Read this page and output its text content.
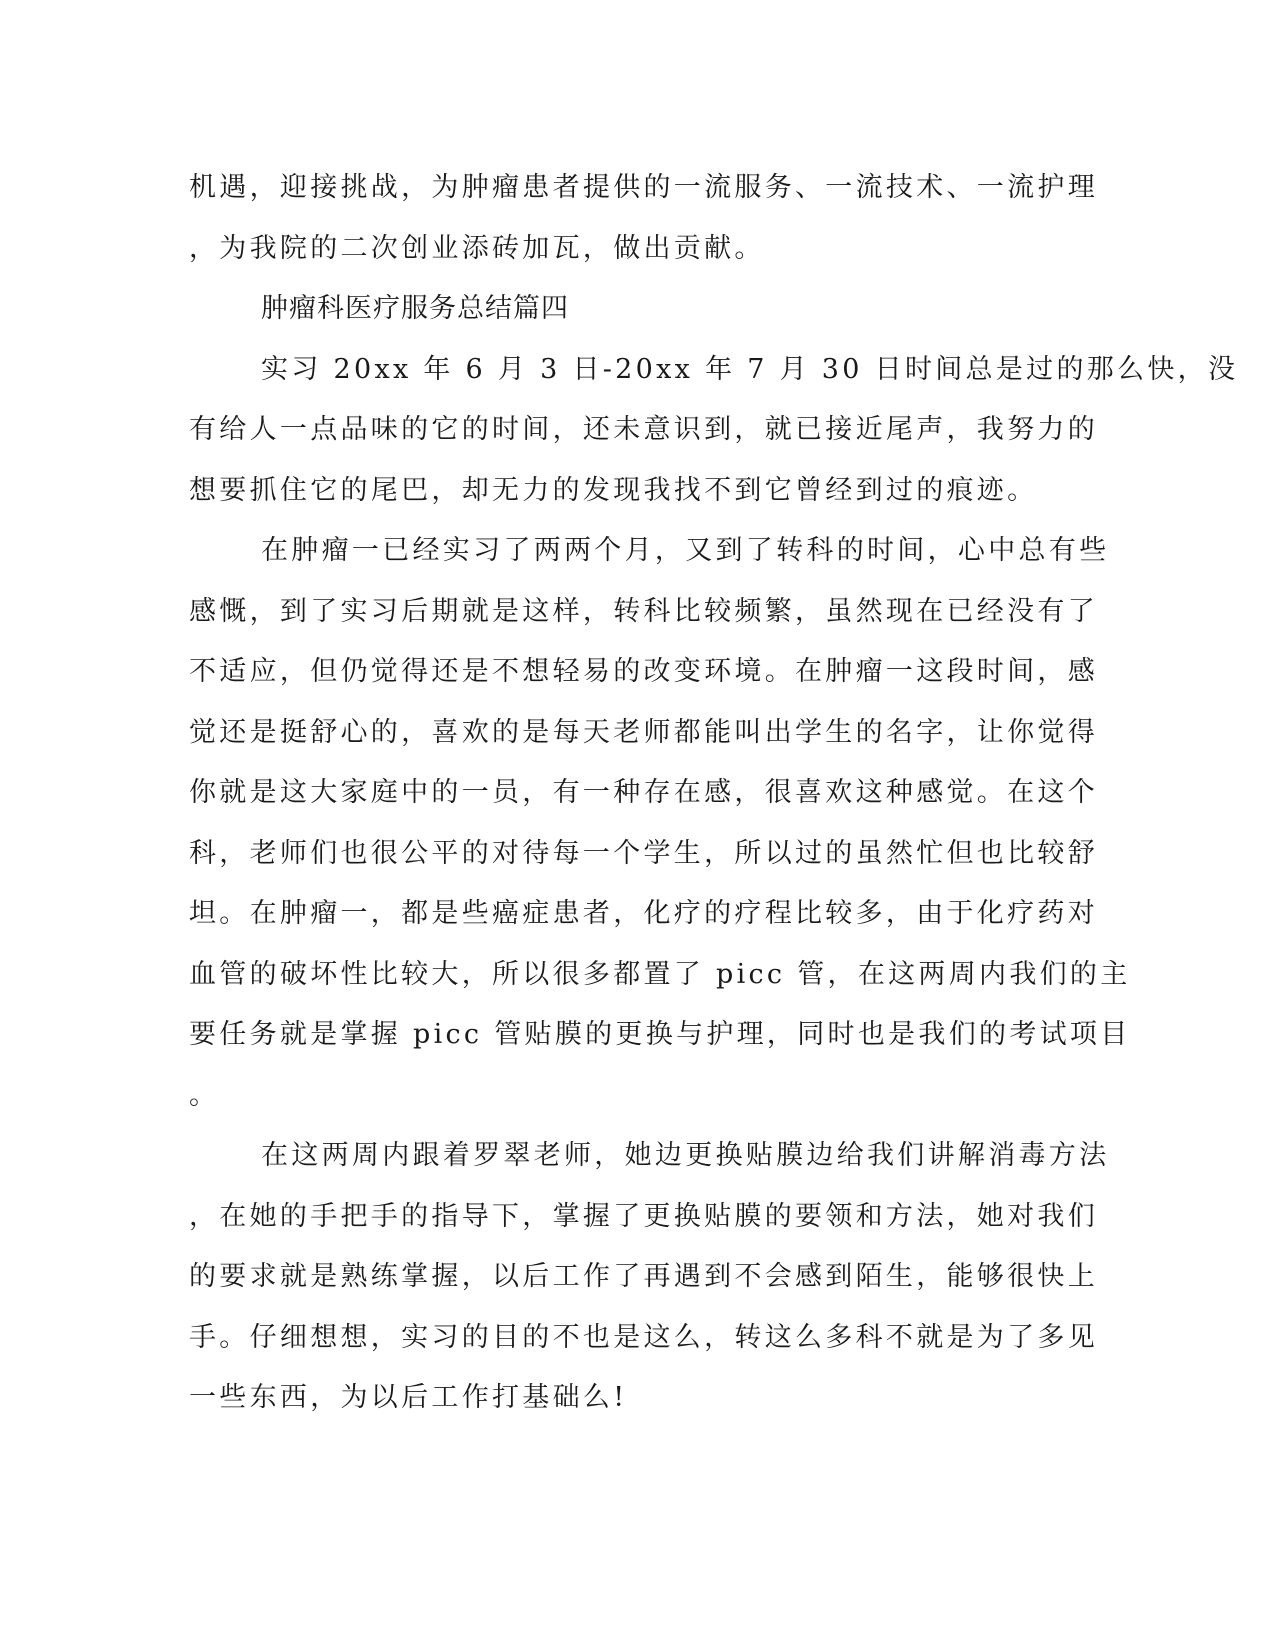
机遇，迎接挑战，为肿瘤患者提供的一流服务、一流技术、一流护理
，为我院的二次创业添砖加瓦，做出贡献。
肿瘤科医疗服务总结篇四
实习 20xx 年 6 月 3 日-20xx 年 7 月 30 日时间总是过的那么快，没
有给人一点品味的它的时间，还未意识到，就已接近尾声，我努力的
想要抓住它的尾巴，却无力的发现我找不到它曾经到过的痕迹。
在肿瘤一已经实习了两两个月，又到了转科的时间，心中总有些
感慨，到了实习后期就是这样，转科比较频繁，虽然现在已经没有了
不适应，但仍觉得还是不想轻易的改变环境。在肿瘤一这段时间，感
觉还是挺舒心的，喜欢的是每天老师都能叫出学生的名字，让你觉得
你就是这大家庭中的一员，有一种存在感，很喜欢这种感觉。在这个
科，老师们也很公平的对待每一个学生，所以过的虽然忙但也比较舒
坦。在肿瘤一，都是些癌症患者，化疗的疗程比较多，由于化疗药对
血管的破坏性比较大，所以很多都置了 picc 管，在这两周内我们的主
要任务就是掌握 picc 管贴膜的更换与护理，同时也是我们的考试项目
。
在这两周内跟着罗翠老师，她边更换贴膜边给我们讲解消毒方法
，在她的手把手的指导下，掌握了更换贴膜的要领和方法，她对我们
的要求就是熟练掌握，以后工作了再遇到不会感到陌生，能够很快上
手。仔细想想，实习的目的不也是这么，转这么多科不就是为了多见
一些东西，为以后工作打基础么!
